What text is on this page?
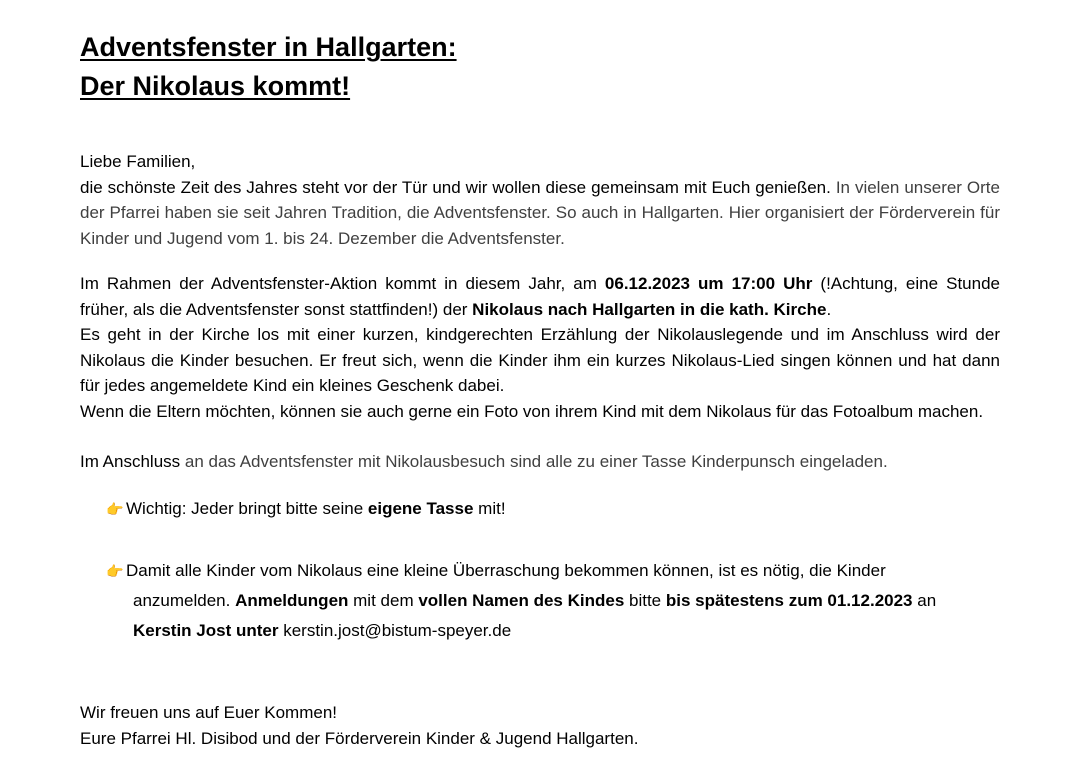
Adventsfenster in Hallgarten:
Der Nikolaus kommt!

Liebe Familien,

die schönste Zeit des Jahres steht vor der Tür und wir wollen diese gemeinsam mit Euch genießen. In vielen unserer Orte der Pfarrei haben sie seit Jahren Tradition, die Adventsfenster. So auch in Hallgarten. Hier organisiert der Förderverein für Kinder und Jugend vom 1. bis 24. Dezember die Adventsfenster.

Im Rahmen der Adventsfenster-Aktion kommt in diesem Jahr, am 06.12.2023 um 17:00 Uhr (!Achtung, eine Stunde früher, als die Adventsfenster sonst stattfinden!) der Nikolaus nach Hallgarten in die kath. Kirche.

Es geht in der Kirche los mit einer kurzen, kindgerechten Erzählung der Nikolauslegende und im Anschluss wird der Nikolaus die Kinder besuchen. Er freut sich, wenn die Kinder ihm ein kurzes Nikolaus-Lied singen können und hat dann für jedes angemeldete Kind ein kleines Geschenk dabei.

Wenn die Eltern möchten, können sie auch gerne ein Foto von ihrem Kind mit dem Nikolaus für das Fotoalbum machen.

Im Anschluss an das Adventsfenster mit Nikolausbesuch sind alle zu einer Tasse Kinderpunsch eingeladen.

👉 Wichtig: Jeder bringt bitte seine eigene Tasse mit!

👉 Damit alle Kinder vom Nikolaus eine kleine Überraschung bekommen können, ist es nötig, die Kinder
anzumelden. Anmeldungen mit dem vollen Namen des Kindes bitte bis spätestens zum 01.12.2023 an
Kerstin Jost unter kerstin.jost@bistum-speyer.de

Wir freuen uns auf Euer Kommen!

Eure Pfarrei Hl. Disibod und der Förderverein Kinder & Jugend Hallgarten.
